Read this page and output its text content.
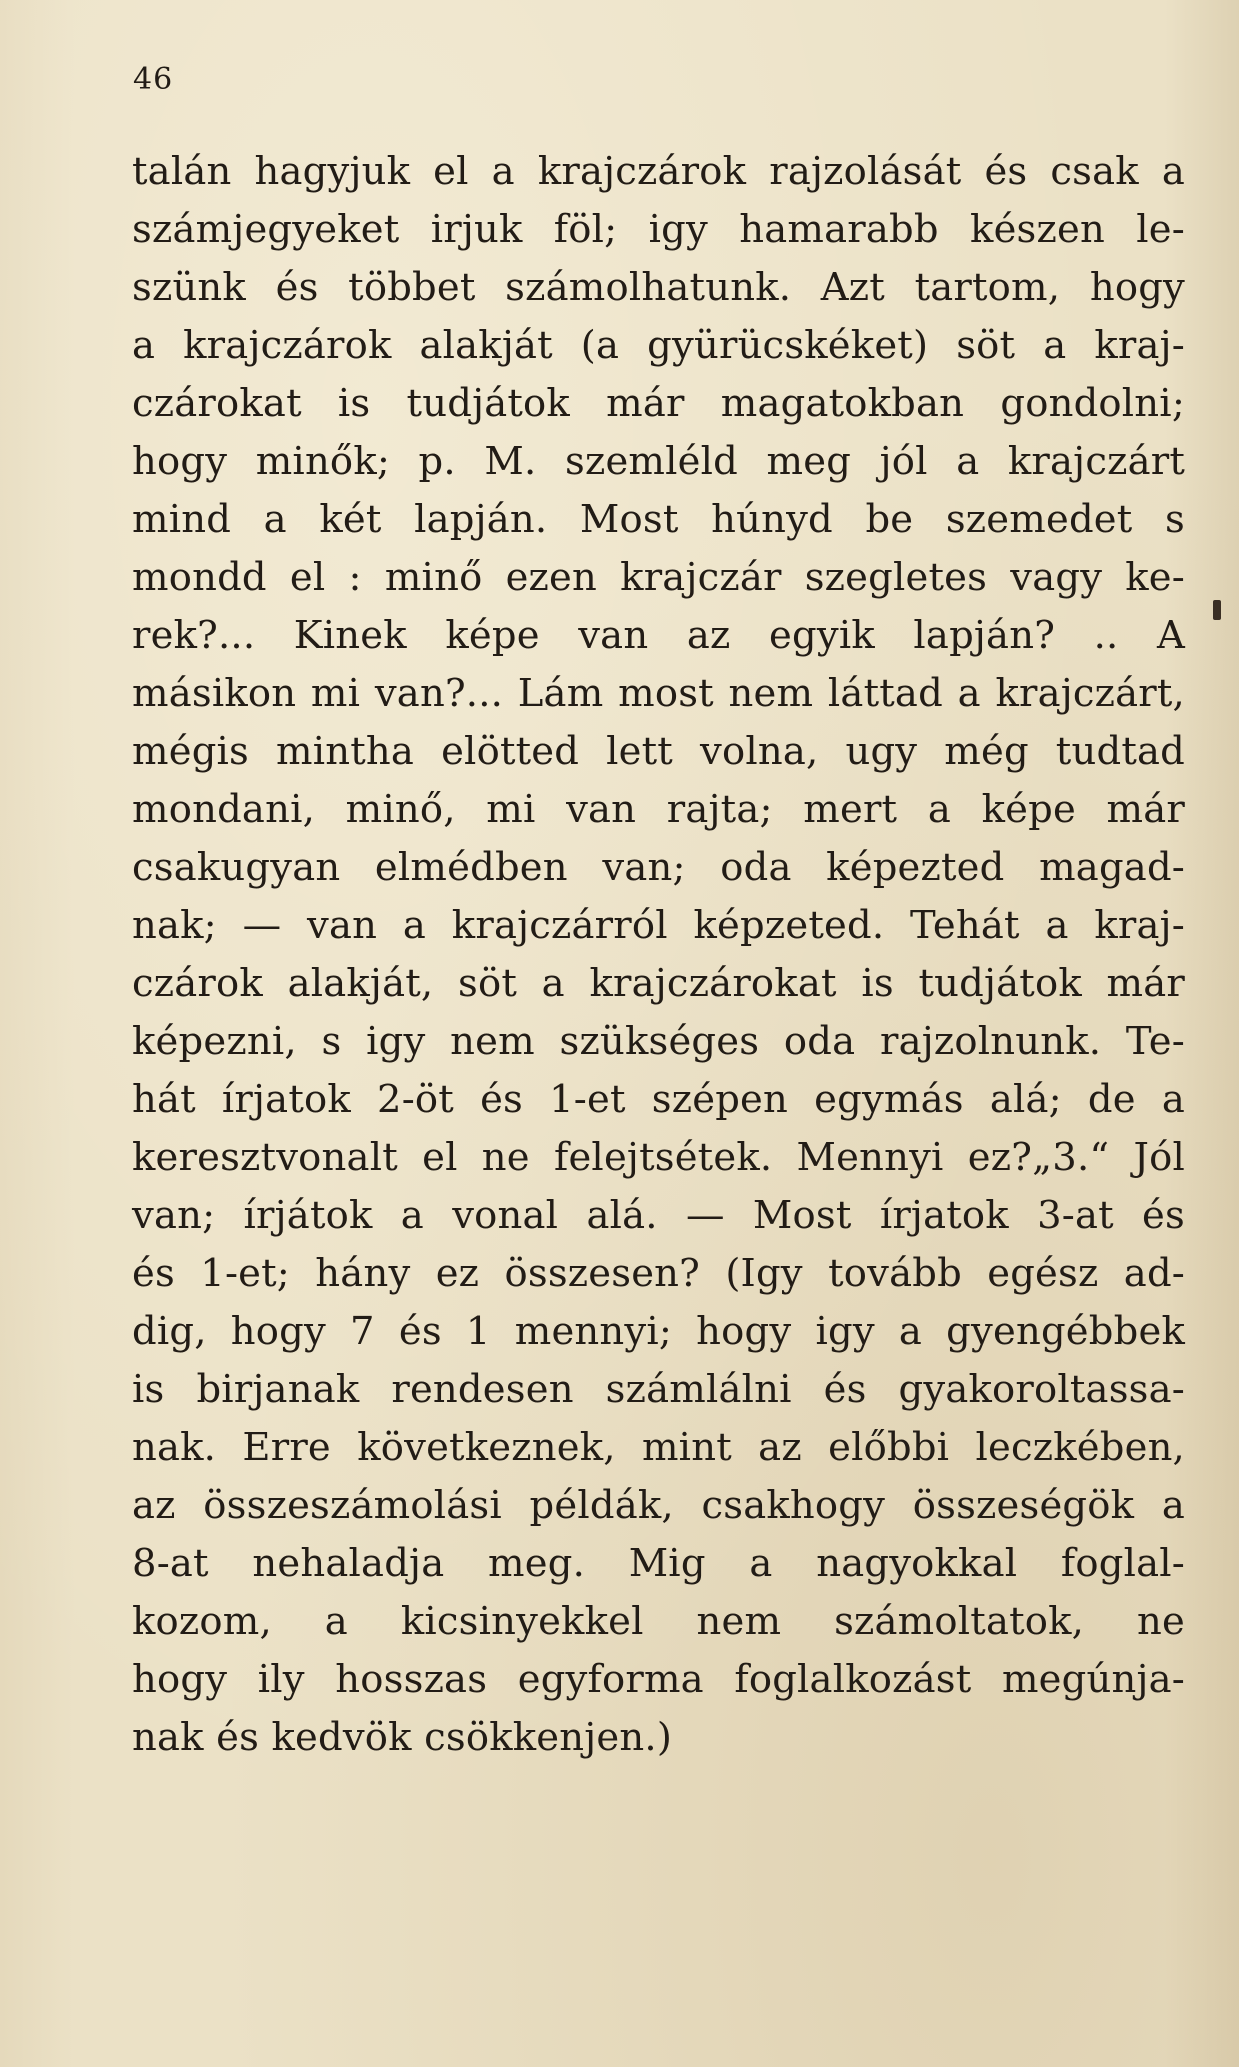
46
talán hagyjuk el a krajczárok rajzolását és csak a
számjegyeket irjuk föl; igy hamarabb készen le-
szünk és többet számolhatunk. Azt tartom, hogy
a krajczárok alakját (a gyürücskéket) söt a kraj-
czárokat is tudjátok már magatokban gondolni;
hogy minők; p. M. szemléld meg jól a krajczárt
mind a két lapján. Most húnyd be szemedet s
mondd el : minő ezen krajczár szegletes vagy ke-
rek?... Kinek képe van az egyik lapján? .. A
másikon mi van?... Lám most nem láttad a krajczárt,
mégis mintha elötted lett volna, ugy még tudtad
mondani, minő, mi van rajta; mert a képe már
csakugyan elmédben van; oda képezted magad-
nak; — van a krajczárról képzeted. Tehát a kraj-
czárok alakját, söt a krajczárokat is tudjátok már
képezni, s igy nem szükséges oda rajzolnunk. Te-
hát írjatok 2-öt és 1-et szépen egymás alá; de a
keresztvonalt el ne felejtsétek. Mennyi ez?„3.“ Jól
van; írjátok a vonal alá. — Most írjatok 3-at és
és 1-et; hány ez összesen? (Igy tovább egész ad-
dig, hogy 7 és 1 mennyi; hogy igy a gyengébbek
is birjanak rendesen számlálni és gyakoroltassa-
nak. Erre következnek, mint az előbbi leczkében,
az összeszámolási példák, csakhogy összeségök a
8-at nehaladja meg. Mig a nagyokkal foglal-
kozom, a kicsinyekkel nem számoltatok, ne
hogy ily hosszas egyforma foglalkozást megúnja-
nak és kedvök csökkenjen.)
